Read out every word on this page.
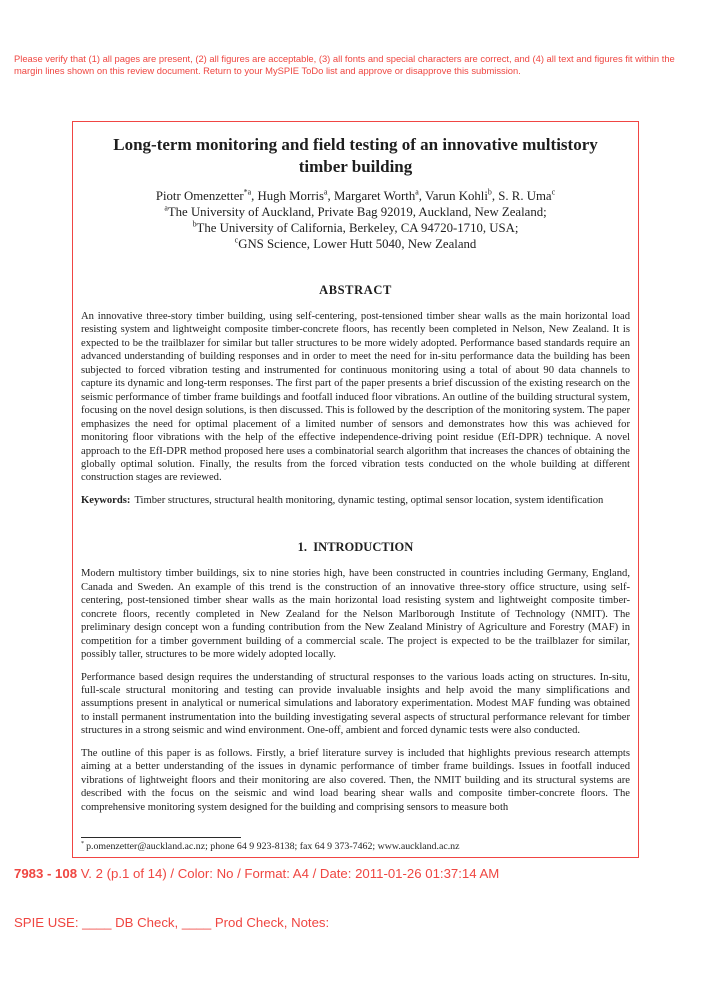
Please verify that (1) all pages are present, (2) all figures are acceptable, (3) all fonts and special characters are correct, and (4) all text and figures fit within the margin lines shown on this review document. Return to your MySPIE ToDo list and approve or disapprove this submission.

Long-term monitoring and field testing of an innovative multistory timber building

Piotr Omenzetter$^{*a}$, Hugh Morris$^a$, Margaret Worth$^a$, Varun Kohli$^b$, S. R. Uma$^c$

$^a$The University of Auckland, Private Bag 92019, Auckland, New Zealand;

$^b$The University of California, Berkeley, CA 94720-1710, USA;

$^c$GNS Science, Lower Hutt 5040, New Zealand

ABSTRACT

An innovative three-story timber building, using self-centering, post-tensioned timber shear walls as the main horizontal load resisting system and lightweight composite timber-concrete floors, has recently been completed in Nelson, New Zealand. It is expected to be the trailblazer for similar but taller structures to be more widely adopted. Performance based standards require an advanced understanding of building responses and in order to meet the need for in-situ performance data the building has been subjected to forced vibration testing and instrumented for continuous monitoring using a total of about 90 data channels to capture its dynamic and long-term responses. The first part of the paper presents a brief discussion of the existing research on the seismic performance of timber frame buildings and footfall induced floor vibrations. An outline of the building structural system, focusing on the novel design solutions, is then discussed. This is followed by the description of the monitoring system. The paper emphasizes the need for optimal placement of a limited number of sensors and demonstrates how this was achieved for monitoring floor vibrations with the help of the effective independence-driving point residue (EfI-DPR) technique. A novel approach to the EfI-DPR method proposed here uses a combinatorial search algorithm that increases the chances of obtaining the globally optimal solution. Finally, the results from the forced vibration tests conducted on the whole building at different construction stages are reviewed.

Keywords: Timber structures, structural health monitoring, dynamic testing, optimal sensor location, system identification

1.  INTRODUCTION

Modern multistory timber buildings, six to nine stories high, have been constructed in countries including Germany, England, Canada and Sweden. An example of this trend is the construction of an innovative three-story office structure, using self-centering, post-tensioned timber shear walls as the main horizontal load resisting system and lightweight composite timber-concrete floors, recently completed in New Zealand for the Nelson Marlborough Institute of Technology (NMIT). The preliminary design concept won a funding contribution from the New Zealand Ministry of Agriculture and Forestry (MAF) in competition for a timber government building of a commercial scale. The project is expected to be the trailblazer for similar, possibly taller, structures to be more widely adopted locally.

Performance based design requires the understanding of structural responses to the various loads acting on structures. In-situ, full-scale structural monitoring and testing can provide invaluable insights and help avoid the many simplifications and assumptions present in analytical or numerical simulations and laboratory experimentation. Modest MAF funding was obtained to install permanent instrumentation into the building investigating several aspects of structural performance relevant for timber structures in a strong seismic and wind environment. One-off, ambient and forced dynamic tests were also conducted.

The outline of this paper is as follows. Firstly, a brief literature survey is included that highlights previous research attempts aiming at a better understanding of the issues in dynamic performance of timber frame buildings. Issues in footfall induced vibrations of lightweight floors and their monitoring are also covered. Then, the NMIT building and its structural systems are described with the focus on the seismic and wind load bearing shear walls and composite timber-concrete floors. The comprehensive monitoring system designed for the building and comprising sensors to measure both

* p.omenzetter@auckland.ac.nz; phone 64 9 923-8138; fax 64 9 373-7462; www.auckland.ac.nz

7983 - 108 V. 2 (p.1 of 14) / Color: No / Format: A4 / Date: 2011-01-26 01:37:14 AM

SPIE USE: ____ DB Check, ____ Prod Check, Notes:
